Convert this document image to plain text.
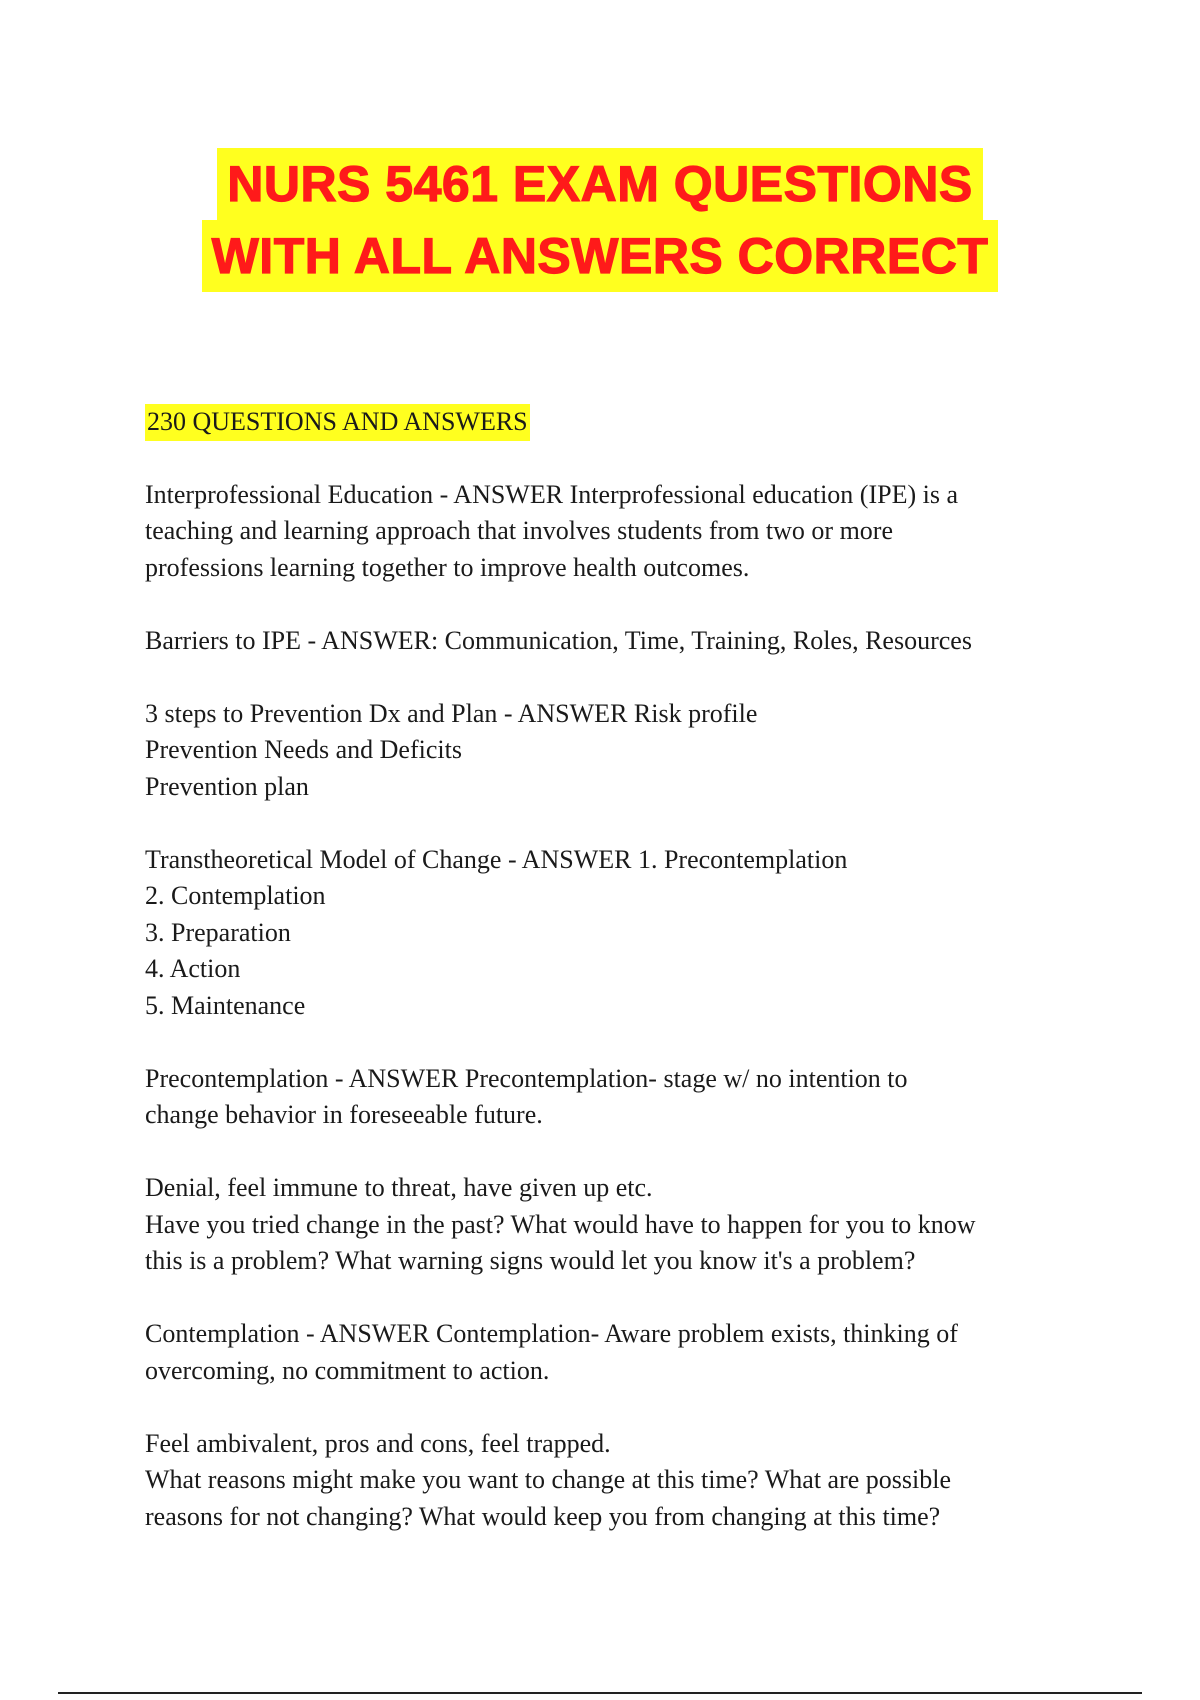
NURS 5461 EXAM QUESTIONS
WITH ALL ANSWERS CORRECT
230 QUESTIONS AND ANSWERS
Interprofessional Education - ANSWER Interprofessional education (IPE) is a
teaching and learning approach that involves students from two or more
professions learning together to improve health outcomes.
Barriers to IPE - ANSWER: Communication, Time, Training, Roles, Resources
3 steps to Prevention Dx and Plan - ANSWER Risk profile
Prevention Needs and Deficits
Prevention plan
Transtheoretical Model of Change - ANSWER 1. Precontemplation
2. Contemplation
3. Preparation
4. Action
5. Maintenance
Precontemplation - ANSWER Precontemplation- stage w/ no intention to
change behavior in foreseeable future.
Denial, feel immune to threat, have given up etc.
Have you tried change in the past? What would have to happen for you to know
this is a problem? What warning signs would let you know it's a problem?
Contemplation - ANSWER Contemplation- Aware problem exists, thinking of
overcoming, no commitment to action.
Feel ambivalent, pros and cons, feel trapped.
What reasons might make you want to change at this time? What are possible
reasons for not changing? What would keep you from changing at this time?
